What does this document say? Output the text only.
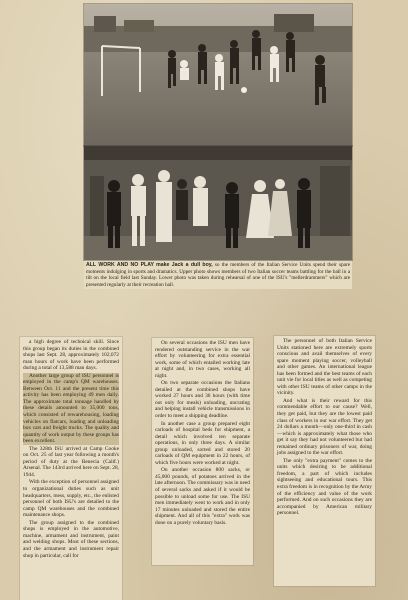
ALL WORK AND NO PLAY make Jack a dull boy, so the members of the Italian Service Units spend their spare moments indulging in sports and dramatics. Upper photo shows members of two Italian soccer teams battling for the ball in a tilt on the local field last Sunday. Lower photo was taken during rehearsal of one of the ISU's "mellerdrammers" which are presented regularly at their recreation hall.

a high degree of technical skill. Since this group began its duties in the combined shops last Sept. 28, approximately 102,072 man hours of work have been performed during a total of 13,588 man days.

Another large group of ISU personnel is employed in the camp's QM warehouses. Between Oct. 11 and the present time this activity has been employing 49 men daily. The approximate total tonnage handled by these details amounted to 35,000 tons, which consisted of rewarehousing, loading vehicles on flatcars, loading and unloading box cars and freight trucks. The quality and quantity of work output by these groups has been excellent.

The 328th ISU arrived at Camp Cooke on Oct. 25 of last year following a month's period of duty at the Benecia (Calif.) Arsenal. The 143rd arrived here on Sept. 28, 1944.

With the exception of personnel assigned to organizational duties such as unit headquarters, mess, supply, etc., the enlisted personnel of both ISU's are detailed to the camp QM warehouses and the combined maintenance shops.

The group assigned to the combined shops is employed in the automotive, machine, armament and instrument, paint and welding shops. Most of these sections, and the armament and instrument repair shop in particular, call for

On several occasions the ISU men have rendered outstanding service in the war effort by volunteering for extra essential work, some of which entailed working late at night and, in two cases, working all night.

On two separate occasions the Italians detailed at the combined shops have worked 27 hours and 36 hours (with time out only for meals) unloading, uncrating and helping install vehicle transmissions in order to meet a shipping deadline.

In another case a group prepared eight carloads of hospital beds for shipment, a detail which involved ten separate operations, in only three days. A similar group unloaded, sorted and stored 20 carloads of QM equipment in 22 hours, of which five hours were worked at night.

On another occasion 800 sacks, or 45,000 pounds, of potatoes arrived in the late afternoon. The commissary was in need of several sacks and asked if it would be possible to unload some for use. The ISU men immediately went to work and in only 17 minutes unloaded and stored the entire shipment. And all of this "extra" work was done on a purely voluntary basis.

The personnel of both Italian Service Units stationed here are extremely sports conscious and avail themselves of every spare moment playing soccer, volleyball and other games. An international league has been formed and the best teams of each unit vie for local titles as well as competing with other ISU teams of other camps in the vicinity.

And what is their reward for this commendable effort to our cause? Well, they get paid, but they are the lowest paid class of workers in our war effort. They get 24 dollars a month—only one-third in cash—which is approximately what those who get it say they had not volunteered but had remained ordinary prisoners of war, doing jobs assigned to the war effort.

The only "extra payment" comes to the units which desiring to be additional freedom, a part of which includes sightseeing and educational tours. This extra freedom is in recognition by the Army of the efficiency and value of the work performed. And on such occasions they are accompanied by American military personnel.
